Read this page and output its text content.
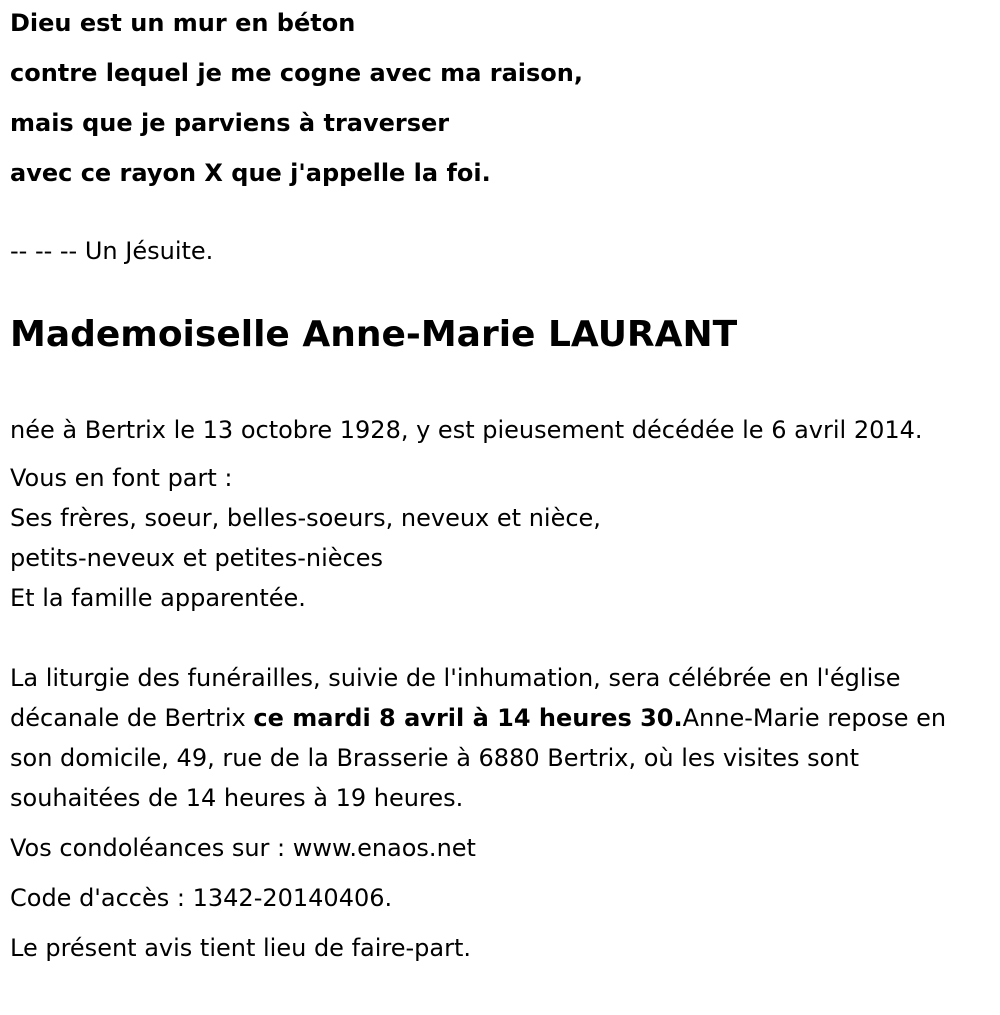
Dieu est un mur en béton
contre lequel je me cogne avec ma raison,
mais que je parviens à traverser
avec ce rayon X que j'appelle la foi.
-- -- -- Un Jésuite.
Mademoiselle Anne-Marie LAURANT
née à Bertrix le 13 octobre 1928, y est pieusement décédée le 6 avril 2014.
Vous en font part :
Ses frères, soeur, belles-soeurs, neveux et nièce,
petits-neveux et petites-nièces
Et la famille apparentée.
La liturgie des funérailles, suivie de l'inhumation, sera célébrée en l'église décanale de Bertrix ce mardi 8 avril à 14 heures 30.Anne-Marie repose en son domicile, 49, rue de la Brasserie à 6880 Bertrix, où les visites sont souhaitées de 14 heures à 19 heures.
Vos condoléances sur : www.enaos.net
Code d'accès : 1342-20140406.
Le présent avis tient lieu de faire-part.
